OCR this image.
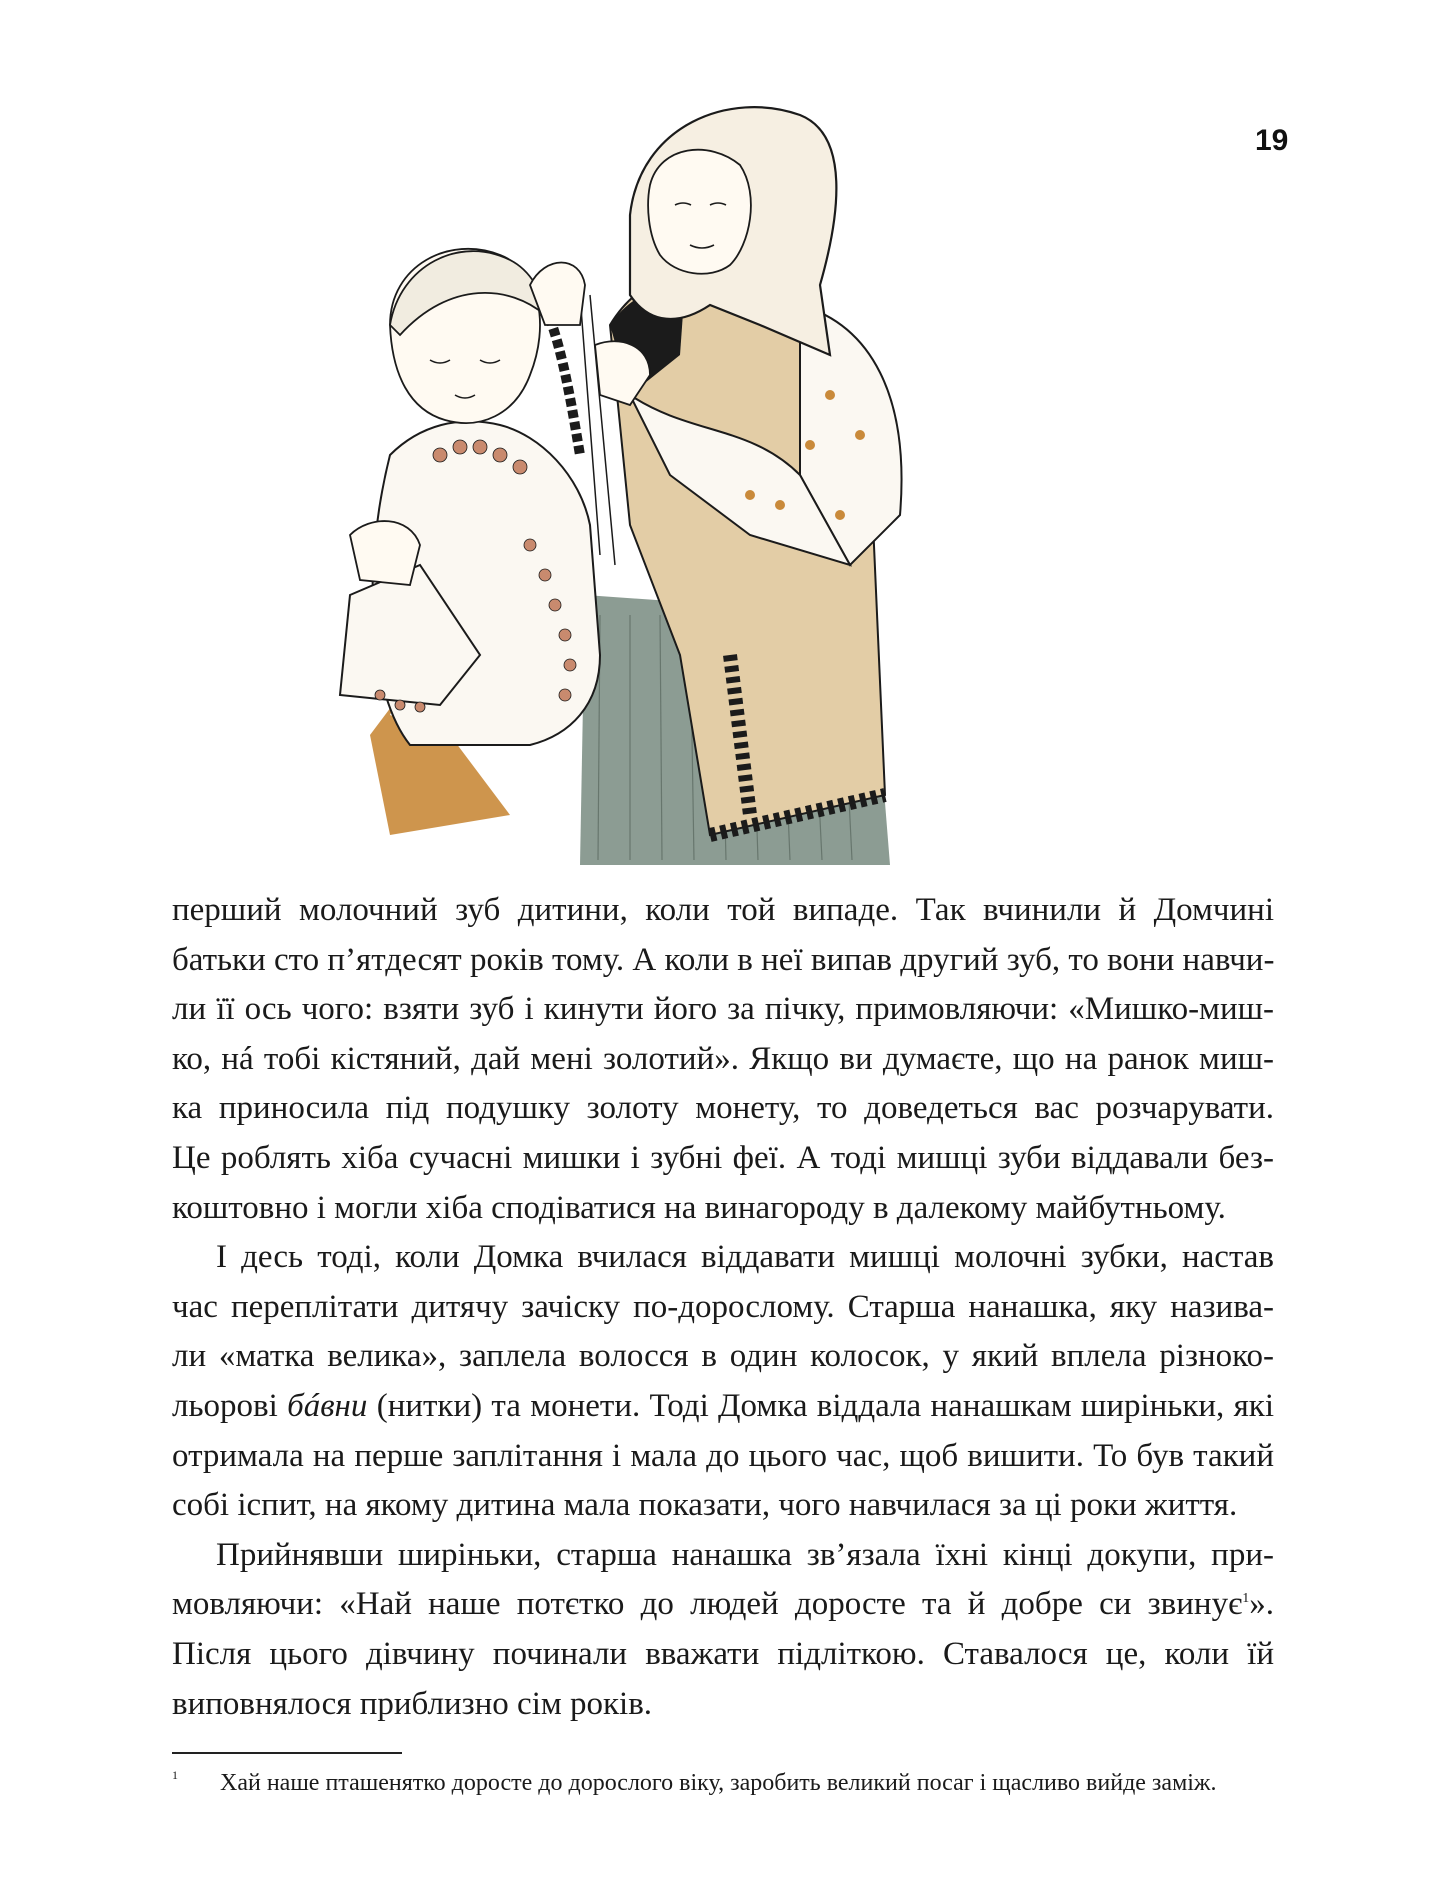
19
перший молочний зуб дитини, коли той випаде. Так вчинили й Домчині
батьки сто п’ятдесят років тому. А коли в неї випав другий зуб, то вони навчи-
ли її ось чого: взяти зуб і кинути його за пічку, примовляючи: «Мишко-миш-
ко, нá тобі кістяний, дай мені золотий». Якщо ви думаєте, що на ранок миш-
ка приносила під подушку золоту монету, то доведеться вас розчарувати.
Це роблять хіба сучасні мишки і зубні феї. А тоді мишці зуби віддавали без-
коштовно і могли хіба сподіватися на винагороду в далекому майбутньому.
І десь тоді, коли Домка вчилася віддавати мишці молочні зубки, настав
час переплітати дитячу зачіску по-дорослому. Старша нанашка, яку назива-
ли «матка велика», заплела волосся в один колосок, у який вплела різноко-
льорові бáвни (нитки) та монети. Тоді Домка віддала нанашкам ширіньки, які
отримала на перше заплітання і мала до цього час, щоб вишити. То був такий
собі іспит, на якому дитина мала показати, чого навчилася за ці роки життя.
Прийнявши ширіньки, старша нанашка зв’язала їхні кінці докупи, при-
мовляючи: «Най наше потєтко до людей доросте та й добре си звинує$^1$».
Після цього дівчину починали вважати підліткою. Ставалося це, коли їй
виповнялося приблизно сім років.
1 Хай наше пташенятко доросте до дорослого віку, заробить великий посаг і щасливо вийде заміж.
